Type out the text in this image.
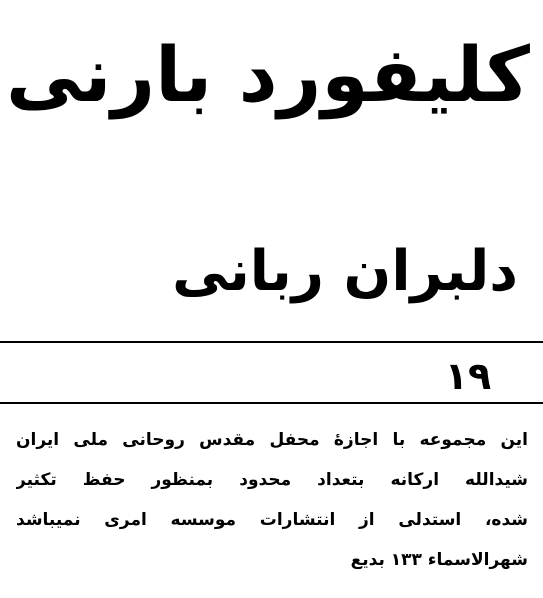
کلیفورد بارنی
دلبران ربانی
١٩
این مجموعه با اجازهٔ محفل مقدس روحانی ملی ایران
شیدالله ارکانه بتعداد محدود بمنظور حفظ تکثیر
شده، استدلی از انتشارات موسسه امری نمیباشد
شهرالاسماء ۱۳۳ بدیع
